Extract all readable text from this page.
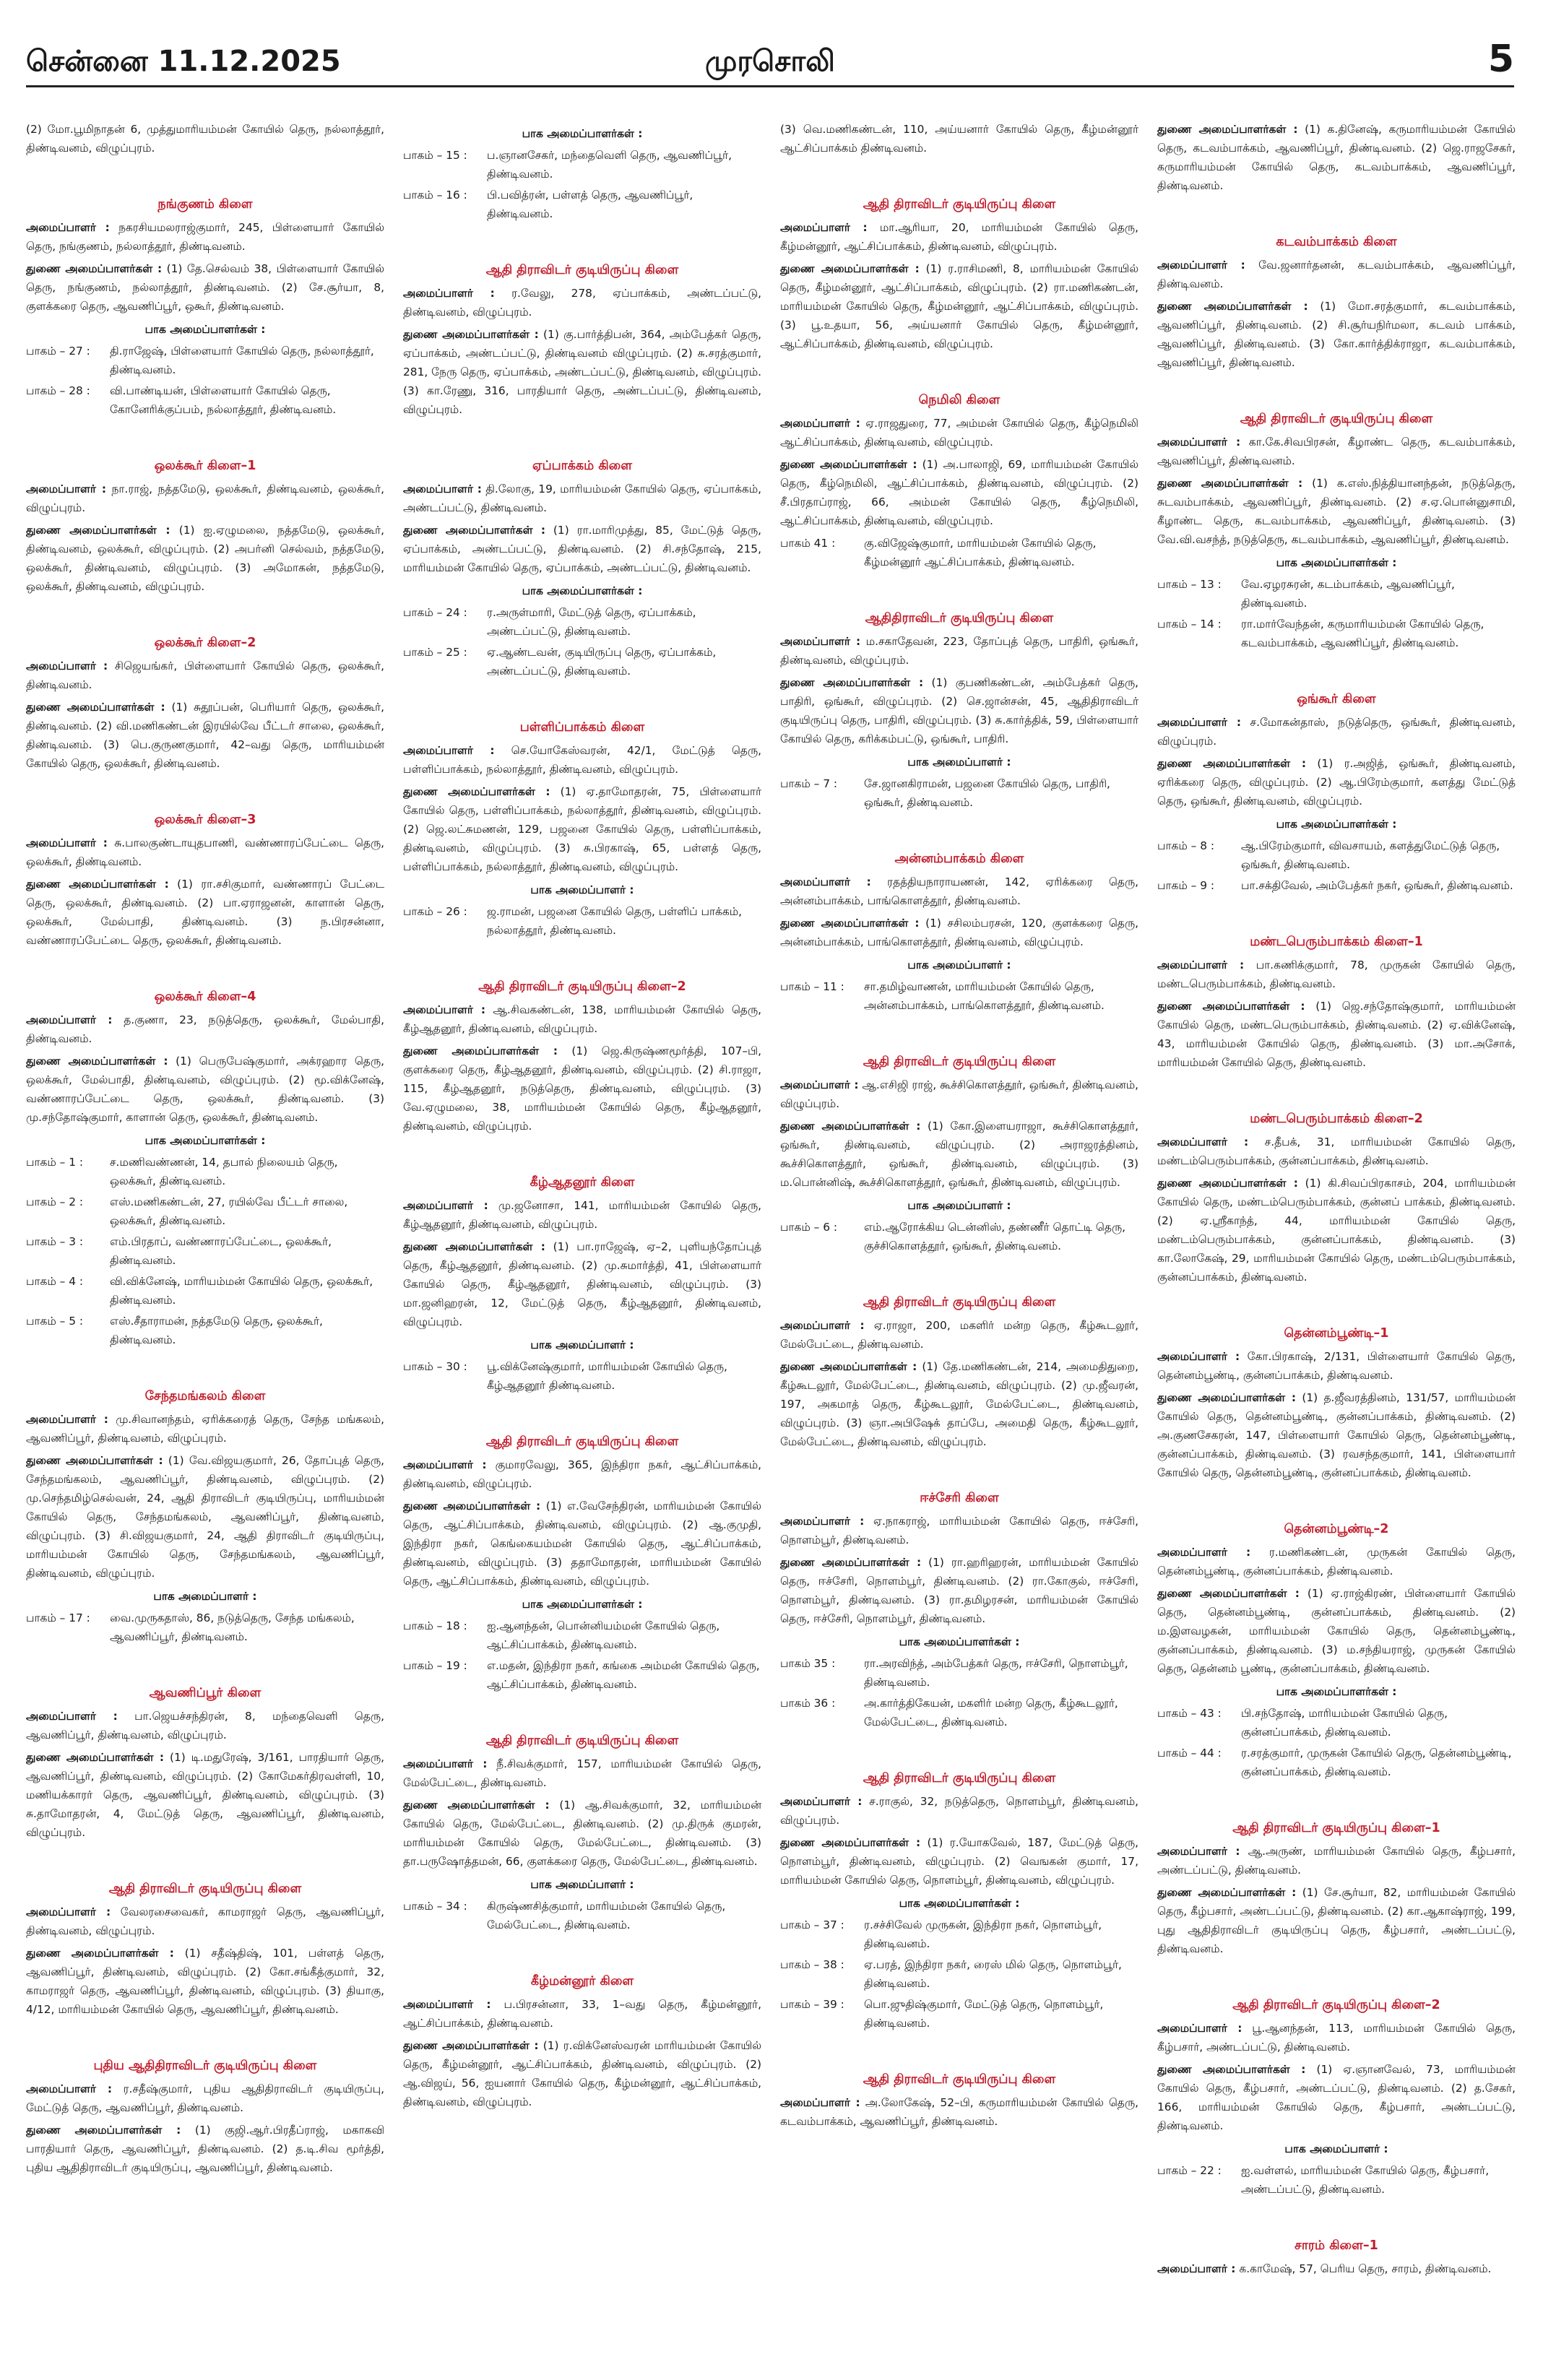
சென்னை 11.12.2025	முரசொலி	5
(2) மோ.பூமிநாதன் 6, முத்துமாரியம்மன் கோயில் தெரு, நல்லாத்தூர், திண்டிவனம், விழுப்புரம்.
நங்குணம் கிளை
அமைப்பாளர் : நகரசியமலராஜ்குமார், 245, பிள்ளையார் கோயில் தெரு, நங்குணம், நல்லாத்தூர், திண்டிவனம்.
துணை அமைப்பாளர்கள் : (1) தே.செல்வம் 38, பிள்ளையார் கோயில் தெரு, நங்குணம், நல்லாத்தூர், திண்டிவனம். (2) சே.சூர்யா, 8, குளக்கரை தெரு, ஆவணிப்பூர், ஒகூர், திண்டிவனம்.
பாக அமைப்பாளர்கள் :
பாகம் – 27 :	தி.ராஜேஷ், பிள்ளையார் கோயில் தெரு, நல்லாத்தூர், திண்டிவனம்.
பாகம் – 28 :	வி.பாண்டியன், பிள்ளையார் கோயில் தெரு, கோனேரிக்குப்பம், நல்லாத்தூர், திண்டிவனம்.
ஒலக்கூர் கிளை–1
அமைப்பாளர் : நா.ராஜ், நத்தமேடு, ஒலக்கூர், திண்டிவனம், ஒலக்கூர், விழுப்புரம்.
துணை அமைப்பாளர்கள் : (1) ஐ.ஏழுமலை, நத்தமேடு, ஒலக்கூர், திண்டிவனம், ஒலக்கூர், விழுப்புரம். (2) அபர்னி செல்வம், நத்தமேடு, ஒலக்கூர், திண்டிவனம், விழுப்புரம். (3) அமோகன், நத்தமேடு, ஒலக்கூர், திண்டிவனம், விழுப்புரம்.
ஒலக்கூர் கிளை–2
அமைப்பாளர் : சிஜெயங்கர், பிள்ளையார் கோயில் தெரு, ஒலக்கூர், திண்டிவனம்.
துணை அமைப்பாளர்கள் : (1) சுதூப்பன், பெரியார் தெரு, ஒலக்கூர், திண்டிவனம். (2) வி.மணிகண்டன் இரயில்வே பீட்டர் சாலை, ஒலக்கூர், திண்டிவனம். (3) பெ.குருணகுமார், 42–வது தெரு, மாரியம்மன் கோயில் தெரு, ஒலக்கூர், திண்டிவனம்.
ஒலக்கூர் கிளை–3
அமைப்பாளர் : சு.பாலகுண்டாயுதபாணி, வண்ணாரப்பேட்டை தெரு, ஒலக்கூர், திண்டிவனம்.
துணை அமைப்பாளர்கள் : (1) ரா.சசிகுமார், வண்ணாரப் பேட்டை தெரு, ஒலக்கூர், திண்டிவனம். (2) பா.ஏராஜனன், காளான் தெரு, ஒலக்கூர், மேல்பாதி, திண்டிவனம். (3) ந.பிரசன்னா, வண்ணாரப்பேட்டை தெரு, ஒலக்கூர், திண்டிவனம்.
ஒலக்கூர் கிளை–4
அமைப்பாளர் : த.குணா, 23, நடுத்தெரு, ஒலக்கூர், மேல்பாதி, திண்டிவனம்.
துணை அமைப்பாளர்கள் : (1) பெருபேஷ்குமார், அக்ரஹார தெரு, ஒலக்கூர், மேல்பாதி, திண்டிவனம், விழுப்புரம். (2) மூ.விக்னேஷ், வண்ணாரப்பேட்டை தெரு, ஒலக்கூர், திண்டிவனம். (3) மு.சந்தோஷ்குமார், காளான் தெரு, ஒலக்கூர், திண்டிவனம்.
பாக அமைப்பாளர்கள் :
பாகம் – 1 :	ச.மணிவண்ணன், 14, தபால் நிலையம் தெரு, ஒலக்கூர், திண்டிவனம்.
பாகம் – 2 :	எஸ்.மணிகண்டன், 27, ரயில்வே பீட்டர் சாலை, ஒலக்கூர், திண்டிவனம்.
பாகம் – 3 :	எம்.பிரதாப், வண்ணாரப்பேட்டை, ஒலக்கூர், திண்டிவனம்.
பாகம் – 4 :	வி.விக்னேஷ், மாரியம்மன் கோயில் தெரு, ஒலக்கூர், திண்டிவனம்.
பாகம் – 5 :	எஸ்.சீதாராமன், நத்தமேடு தெரு, ஒலக்கூர், திண்டிவனம்.
சேந்தமங்கலம் கிளை
அமைப்பாளர் : மு.சிவானந்தம், ஏரிக்கரைத் தெரு, சேந்த மங்கலம், ஆவணிப்பூர், திண்டிவனம், விழுப்புரம்.
துணை அமைப்பாளர்கள் : (1) வே.விஜயகுமார், 26, தோப்புத் தெரு, சேந்தமங்கலம், ஆவணிப்பூர், திண்டிவனம், விழுப்புரம். (2) மு.செந்தமிழ்செல்வன், 24, ஆதி திராவிடர் குடியிருப்பு, மாரியம்மன் கோயில் தெரு, சேந்தமங்கலம், ஆவணிப்பூர், திண்டிவனம், விழுப்புரம். (3) சி.விஜயகுமார், 24, ஆதி திராவிடர் குடியிருப்பு, மாரியம்மன் கோயில் தெரு, சேந்தமங்கலம், ஆவணிப்பூர், திண்டிவனம், விழுப்புரம்.
பாக அமைப்பாளர் :
பாகம் – 17 :	வை.முருகதாஸ், 86, நடுத்தெரு, சேந்த மங்கலம், ஆவணிப்பூர், திண்டிவனம்.
ஆவணிப்பூர் கிளை
அமைப்பாளர் : பா.ஜெயச்சந்திரன், 8, மந்தைவெளி தெரு, ஆவணிப்பூர், திண்டிவனம், விழுப்புரம்.
துணை அமைப்பாளர்கள் : (1) டி.மதுரேஷ், 3/161, பாரதியார் தெரு, ஆவணிப்பூர், திண்டிவனம், விழுப்புரம். (2) கோமேகர்திரவள்ளி, 10, மணியக்காரர் தெரு, ஆவணிப்பூர், திண்டிவனம், விழுப்புரம். (3) சு.தாமோதரன், 4, மேட்டுத் தெரு, ஆவணிப்பூர், திண்டிவனம், விழுப்புரம்.
ஆதி திராவிடர் குடியிருப்பு கிளை
அமைப்பாளர் : வேலரசைவைகர், காமராஜர் தெரு, ஆவணிப்பூர், திண்டிவனம், விழுப்புரம்.
துணை அமைப்பாளர்கள் : (1) சதீஷ்திஷ், 101, பள்ளத் தெரு, ஆவணிப்பூர், திண்டிவனம், விழுப்புரம். (2) கோ.சங்கீத்குமார், 32, காமராஜர் தெரு, ஆவணிப்பூர், திண்டிவனம், விழுப்புரம். (3) தியாகு, 4/12, மாரியம்மன் கோயில் தெரு, ஆவணிப்பூர், திண்டிவனம்.
புதிய ஆதிதிராவிடர் குடியிருப்பு கிளை
அமைப்பாளர் : ர.சதீஷ்குமார், புதிய ஆதிதிராவிடர் குடியிருப்பு, மேட்டுத் தெரு, ஆவணிப்பூர், திண்டிவனம்.
துணை அமைப்பாளர்கள் : (1) குஜி.ஆர்.பிரதீப்ராஜ், மகாகவி பாரதியார் தெரு, ஆவணிப்பூர், திண்டிவனம். (2) த.டி.சிவ மூர்த்தி, புதிய ஆதிதிராவிடர் குடியிருப்பு, ஆவணிப்பூர், திண்டிவனம்.
பாக அமைப்பாளர்கள் :
பாகம் – 15 :	ப.ஞானசேகர், மந்தைவெளி தெரு, ஆவணிப்பூர், திண்டிவனம்.
பாகம் – 16 :	பி.பவித்ரன், பள்ளத் தெரு, ஆவணிப்பூர், திண்டிவனம்.
ஆதி திராவிடர் குடியிருப்பு கிளை
அமைப்பாளர் : ர.வேலு, 278, ஏப்பாக்கம், அண்டப்பட்டு, திண்டிவனம், விழுப்புரம்.
துணை அமைப்பாளர்கள் : (1) கு.பார்த்திபன், 364, அம்பேத்கர் தெரு, ஏப்பாக்கம், அண்டப்பட்டு, திண்டிவனம் விழுப்புரம். (2) சு.சரத்குமார், 281, நேரு தெரு, ஏப்பாக்கம், அண்டப்பட்டு, திண்டிவனம், விழுப்புரம். (3) கா.ரேணு, 316, பாரதியார் தெரு, அண்டப்பட்டு, திண்டிவனம், விழுப்புரம்.
ஏப்பாக்கம் கிளை
அமைப்பாளர் : தி.லோகு, 19, மாரியம்மன் கோயில் தெரு, ஏப்பாக்கம், அண்டப்பட்டு, திண்டிவனம்.
துணை அமைப்பாளர்கள் : (1) ரா.மாரிமுத்து, 85, மேட்டுத் தெரு, ஏப்பாக்கம், அண்டப்பட்டு, திண்டிவனம். (2) சி.சந்தோஷ், 215, மாரியம்மன் கோயில் தெரு, ஏப்பாக்கம், அண்டப்பட்டு, திண்டிவனம்.
பாக அமைப்பாளர்கள் :
பாகம் – 24 :	ர.அருள்மாரி, மேட்டுத் தெரு, ஏப்பாக்கம், அண்டப்பட்டு, திண்டிவனம்.
பாகம் – 25 :	ஏ.ஆண்டவன், குடியிருப்பு தெரு, ஏப்பாக்கம், அண்டப்பட்டு, திண்டிவனம்.
பள்ளிப்பாக்கம் கிளை
அமைப்பாளர் : செ.யோகேஸ்வரன், 42/1, மேட்டுத் தெரு, பள்ளிப்பாக்கம், நல்லாத்தூர், திண்டிவனம், விழுப்புரம்.
துணை அமைப்பாளர்கள் : (1) ஏ.தாமோதரன், 75, பிள்ளையார் கோயில் தெரு, பள்ளிப்பாக்கம், நல்லாத்தூர், திண்டிவனம், விழுப்புரம். (2) ஜெ.லட்சுமணன், 129, பஜனை கோயில் தெரு, பள்ளிப்பாக்கம், திண்டிவனம், விழுப்புரம். (3) சு.பிரகாஷ், 65, பள்ளத் தெரு, பள்ளிப்பாக்கம், நல்லாத்தூர், திண்டிவனம், விழுப்புரம்.
பாக அமைப்பாளர் :
பாகம் – 26 :	ஜ.ராமன், பஜனை கோயில் தெரு, பள்ளிப் பாக்கம், நல்லாத்தூர், திண்டிவனம்.
ஆதி திராவிடர் குடியிருப்பு கிளை–2
அமைப்பாளர் : ஆ.சிவகண்டன், 138, மாரியம்மன் கோயில் தெரு, கீழ்ஆதனூர், திண்டிவனம், விழுப்புரம்.
துணை அமைப்பாளர்கள் : (1) ஜெ.கிருஷ்ணமூர்த்தி, 107–பி, குளக்கரை தெரு, கீழ்ஆதனூர், திண்டிவனம், விழுப்புரம். (2) சி.ராஜா, 115, கீழ்ஆதனூர், நடுத்தெரு, திண்டிவனம், விழுப்புரம். (3) வே.ஏழுமலை, 38, மாரியம்மன் கோயில் தெரு, கீழ்ஆதனூர், திண்டிவனம், விழுப்புரம்.
கீழ்ஆதனூர் கிளை
அமைப்பாளர் : மு.ஜனோசா, 141, மாரியம்மன் கோயில் தெரு, கீழ்ஆதனூர், திண்டிவனம், விழுப்புரம்.
துணை அமைப்பாளர்கள் : (1) பா.ராஜேஷ், ஏ–2, புளியந்தோப்புத் தெரு, கீழ்ஆதனூர், திண்டிவனம். (2) மு.சுமார்த்தி, 41, பிள்ளையார் கோயில் தெரு, கீழ்ஆதனூர், திண்டிவனம், விழுப்புரம். (3) மா.ஜனிஹரன், 12, மேட்டுத் தெரு, கீழ்ஆதனூர், திண்டிவனம், விழுப்புரம்.
பாக அமைப்பாளர் :
பாகம் – 30 :	பூ.விக்னேஷ்குமார், மாரியம்மன் கோயில் தெரு, கீழ்ஆதனூர் திண்டிவனம்.
ஆதி திராவிடர் குடியிருப்பு கிளை
அமைப்பாளர் : குமாரவேலு, 365, இந்திரா நகர், ஆட்சிப்பாக்கம், திண்டிவனம், விழுப்புரம்.
துணை அமைப்பாளர்கள் : (1) எ.வேசேந்திரன், மாரியம்மன் கோயில் தெரு, ஆட்சிப்பாக்கம், திண்டிவனம், விழுப்புரம். (2) ஆ.குமுதி, இந்திரா நகர், கெங்கையம்மன் கோயில் தெரு, ஆட்சிப்பாக்கம், திண்டிவனம், விழுப்புரம். (3) ததாமோதரன், மாரியம்மன் கோயில் தெரு, ஆட்சிப்பாக்கம், திண்டிவனம், விழுப்புரம்.
பாக அமைப்பாளர்கள் :
பாகம் – 18 :	ஐ.ஆனந்தன், பொன்னியம்மன் கோயில் தெரு, ஆட்சிப்பாக்கம், திண்டிவனம்.
பாகம் – 19 :	எ.மதன், இந்திரா நகர், கங்கை அம்மன் கோயில் தெரு, ஆட்சிப்பாக்கம், திண்டிவனம்.
ஆதி திராவிடர் குடியிருப்பு கிளை
அமைப்பாளர் : நீ.சிவக்குமார், 157, மாரியம்மன் கோயில் தெரு, மேல்பேட்டை, திண்டிவனம்.
துணை அமைப்பாளர்கள் : (1) ஆ.சிவக்குமார், 32, மாரியம்மன் கோயில் தெரு, மேல்பேட்டை, திண்டிவனம். (2) மு.திருக் குமரன், மாரியம்மன் கோயில் தெரு, மேல்பேட்டை, திண்டிவனம். (3) தா.பருஷோத்தமன், 66, குளக்கரை தெரு, மேல்பேட்டை, திண்டிவனம்.
பாக அமைப்பாளர் :
பாகம் – 34 :	கிருஷ்ணசித்குமார், மாரியம்மன் கோயில் தெரு, மேல்பேட்டை, திண்டிவனம்.
கீழ்மன்னூர் கிளை
அமைப்பாளர் : ப.பிரசன்னா, 33, 1–வது தெரு, கீழ்மன்னூர், ஆட்சிப்பாக்கம், திண்டிவனம்.
துணை அமைப்பாளர்கள் : (1) ர.விக்னேஸ்வரன் மாரியம்மன் கோயில் தெரு, கீழ்மன்னூர், ஆட்சிப்பாக்கம், திண்டிவனம், விழுப்புரம். (2) ஆ.விஜய், 56, ஐயனார் கோயில் தெரு, கீழ்மன்னூர், ஆட்சிப்பாக்கம், திண்டிவனம், விழுப்புரம்.
(3) வெ.மணிகண்டன், 110, அய்யனார் கோயில் தெரு, கீழ்மன்னூர் ஆட்சிப்பாக்கம் திண்டிவனம்.
ஆதி திராவிடர் குடியிருப்பு கிளை
அமைப்பாளர் : மா.ஆரியா, 20, மாரியம்மன் கோயில் தெரு, கீழ்மன்னூர், ஆட்சிப்பாக்கம், திண்டிவனம், விழுப்புரம்.
துணை அமைப்பாளர்கள் : (1) ர.ராசிமணி, 8, மாரியம்மன் கோயில் தெரு, கீழ்மன்னூர், ஆட்சிப்பாக்கம், விழுப்புரம். (2) ரா.மணிகண்டன், மாரியம்மன் கோயில் தெரு, கீழ்மன்னூர், ஆட்சிப்பாக்கம், விழுப்புரம். (3) பூ.உதயா, 56, அய்யனார் கோயில் தெரு, கீழ்மன்னூர், ஆட்சிப்பாக்கம், திண்டிவனம், விழுப்புரம்.
நெமிலி கிளை
அமைப்பாளர் : ஏ.ராஜதுரை, 77, அம்மன் கோயில் தெரு, கீழ்நெமிலி ஆட்சிப்பாக்கம், திண்டிவனம், விழுப்புரம்.
துணை அமைப்பாளர்கள் : (1) அ.பாலாஜி, 69, மாரியம்மன் கோயில் தெரு, கீழ்நெமிலி, ஆட்சிப்பாக்கம், திண்டிவனம், விழுப்புரம். (2) சீ.பிரதாப்ராஜ், 66, அம்மன் கோயில் தெரு, கீழ்நெமிலி, ஆட்சிப்பாக்கம், திண்டிவனம், விழுப்புரம்.
பாகம் 41 :	கு.விஜேஷ்குமார், மாரியம்மன் கோயில் தெரு, கீழ்மன்னூர் ஆட்சிப்பாக்கம், திண்டிவனம்.
ஆதிதிராவிடர் குடியிருப்பு கிளை
அமைப்பாளர் : ம.சகாதேவன், 223, தோப்புத் தெரு, பாதிரி, ஒங்கூர், திண்டிவனம், விழுப்புரம்.
துணை அமைப்பாளர்கள் : (1) குபணிகண்டன், அம்பேத்கர் தெரு, பாதிரி, ஒங்கூர், விழுப்புரம். (2) செ.ஜான்சன், 45, ஆதிதிராவிடர் குடியிருப்பு தெரு, பாதிரி, விழுப்புரம். (3) சு.கார்த்திக், 59, பிள்ளையார் கோயில் தெரு, கரிக்கம்பட்டு, ஒங்கூர், பாதிரி.
பாக அமைப்பாளர் :
பாகம் – 7 :	சே.ஜானகிராமன், பஜனை கோயில் தெரு, பாதிரி, ஒங்கூர், திண்டிவனம்.
அன்னம்பாக்கம் கிளை
அமைப்பாளர் : ரதத்தியநாராயணன், 142, ஏரிக்கரை தெரு, அன்னம்பாக்கம், பாங்கொளத்தூர், திண்டிவனம்.
துணை அமைப்பாளர்கள் : (1) சசிலம்பரசன், 120, குளக்கரை தெரு, அன்னம்பாக்கம், பாங்கொளத்தூர், திண்டிவனம், விழுப்புரம்.
பாக அமைப்பாளர் :
பாகம் – 11 :	சா.தமிழ்வாணன், மாரியம்மன் கோயில் தெரு, அன்னம்பாக்கம், பாங்கொளத்தூர், திண்டிவனம்.
ஆதி திராவிடர் குடியிருப்பு கிளை
அமைப்பாளர் : ஆ.எசிஜி ராஜ், கூச்சிகொளத்தூர், ஒங்கூர், திண்டிவனம், விழுப்புரம்.
துணை அமைப்பாளர்கள் : (1) கோ.இளையராஜா, கூச்சிகொளத்தூர், ஒங்கூர், திண்டிவனம், விழுப்புரம். (2) அராஜரத்தினம், கூச்சிகொளத்தூர், ஒங்கூர், திண்டிவனம், விழுப்புரம். (3) ம.பொன்னிஷ், கூச்சிகொளத்தூர், ஒங்கூர், திண்டிவனம், விழுப்புரம்.
பாக அமைப்பாளர் :
பாகம் – 6 :	எம்.ஆரோக்கிய டென்னிஸ், தண்ணீர் தொட்டி தெரு, குச்சிகொளத்தூர், ஒங்கூர், திண்டிவனம்.
ஆதி திராவிடர் குடியிருப்பு கிளை
அமைப்பாளர் : ஏ.ராஜா, 200, மகளிர் மன்ற தெரு, கீழ்கூடலூர், மேல்பேட்டை, திண்டிவனம்.
துணை அமைப்பாளர்கள் : (1) தே.மணிகண்டன், 214, அமைதிதுறை, கீழ்கூடலூர், மேல்பேட்டை, திண்டிவனம், விழுப்புரம். (2) மு.ஜீவரன், 197, அகமாத் தெரு, கீழ்கூடலூர், மேல்பேட்டை, திண்டிவனம், விழுப்புரம். (3) ஞா.அபிஷேக் தாப்பே, அமைதி தெரு, கீழ்கூடலூர், மேல்பேட்டை, திண்டிவனம், விழுப்புரம்.
ஈச்சேரி கிளை
அமைப்பாளர் : ஏ.நாகராஜ், மாரியம்மன் கோயில் தெரு, ஈச்சேரி, நொளம்பூர், திண்டிவனம்.
துணை அமைப்பாளர்கள் : (1) ரா.ஹரிஹரன், மாரியம்மன் கோயில் தெரு, ஈச்சேரி, நொளம்பூர், திண்டிவனம். (2) ரா.கோகுல், ஈச்சேரி, நொளம்பூர், திண்டிவனம். (3) ரா.தமிழரசன், மாரியம்மன் கோயில் தெரு, ஈச்சேரி, நொளம்பூர், திண்டிவனம்.
பாக அமைப்பாளர்கள் :
பாகம் 35 :	ரா.அரவிந்த், அம்பேத்கர் தெரு, ஈச்சேரி, நொளம்பூர், திண்டிவனம்.
பாகம் 36 :	அ.கார்த்திகேயன், மகளிர் மன்ற தெரு, கீழ்கூடலூர், மேல்பேட்டை, திண்டிவனம்.
ஆதி திராவிடர் குடியிருப்பு கிளை
அமைப்பாளர் : ச.ராகுல், 32, நடுத்தெரு, நொளம்பூர், திண்டிவனம், விழுப்புரம்.
துணை அமைப்பாளர்கள் : (1) ர.யோகவேல், 187, மேட்டுத் தெரு, நொளம்பூர், திண்டிவனம், விழுப்புரம். (2) வெஙகன் குமார், 17, மாரியம்மன் கோயில் தெரு, நொளம்பூர், திண்டிவனம், விழுப்புரம்.
பாக அமைப்பாளர்கள் :
பாகம் – 37 :	ர.சச்சிவேல் முருகன், இந்திரா நகர், நொளம்பூர், திண்டிவனம்.
பாகம் – 38 :	ஏ.பரத், இந்திரா நகர், ரைஸ் மில் தெரு, நொளம்பூர், திண்டிவனம்.
பாகம் – 39 :	பொ.ஜுதிஷ்குமார், மேட்டுத் தெரு, நொளம்பூர், திண்டிவனம்.
ஆதி திராவிடர் குடியிருப்பு கிளை
அமைப்பாளர் : அ.லோகேஷ், 52–பி, கருமாரியம்மன் கோயில் தெரு, கடவம்பாக்கம், ஆவணிப்பூர், திண்டிவனம்.
துணை அமைப்பாளர்கள் : (1) க.தினேஷ், கருமாரியம்மன் கோயில் தெரு, கடவம்பாக்கம், ஆவணிப்பூர், திண்டிவனம். (2) ஜெ.ராஜசேகர், கருமாரியம்மன் கோயில் தெரு, கடவம்பாக்கம், ஆவணிப்பூர், திண்டிவனம்.
கடவம்பாக்கம் கிளை
அமைப்பாளர் : வே.ஜனார்தனன், கடவம்பாக்கம், ஆவணிப்பூர், திண்டிவனம்.
துணை அமைப்பாளர்கள் : (1) மோ.சரத்குமார், கடவம்பாக்கம், ஆவணிப்பூர், திண்டிவனம். (2) சி.சூர்யநிர்மலா, கடவம் பாக்கம், ஆவணிப்பூர், திண்டிவனம். (3) கோ.கார்த்திக்ராஜா, கடவம்பாக்கம், ஆவணிப்பூர், திண்டிவனம்.
ஆதி திராவிடர் குடியிருப்பு கிளை
அமைப்பாளர் : கா.கே.சிவபிரசன், கீழாண்ட தெரு, கடவம்பாக்கம், ஆவணிப்பூர், திண்டிவனம்.
துணை அமைப்பாளர்கள் : (1) க.எஸ்.நித்தியானந்தன், நடுத்தெரு, சுடவம்பாக்கம், ஆவணிப்பூர், திண்டிவனம். (2) ச.ஏ.பொன்னுசாமி, கீழாண்ட தெரு, கடவம்பாக்கம், ஆவணிப்பூர், திண்டிவனம். (3) வே.வி.வசந்த், நடுத்தெரு, கடவம்பாக்கம், ஆவணிப்பூர், திண்டிவனம்.
பாக அமைப்பாளர்கள் :
பாகம் – 13 :	வே.ஏழரசுரன், கடம்பாக்கம், ஆவணிப்பூர், திண்டிவனம்.
பாகம் – 14 :	ரா.மார்வேந்தன், கருமாரியம்மன் கோயில் தெரு, கடவம்பாக்கம், ஆவணிப்பூர், திண்டிவனம்.
ஒங்கூர் கிளை
அமைப்பாளர் : ச.மோகன்தாஸ், நடுத்தெரு, ஒங்கூர், திண்டிவனம், விழுப்புரம்.
துணை அமைப்பாளர்கள் : (1) ர.அஜித், ஒங்கூர், திண்டிவனம், ஏரிக்கரை தெரு, விழுப்புரம். (2) ஆ.பிரேம்குமார், களத்து மேட்டுத் தெரு, ஒங்கூர், திண்டிவனம், விழுப்புரம்.
பாக அமைப்பாளர்கள் :
பாகம் – 8 :	ஆ.பிரேம்குமார், விவசாயம், களத்துமேட்டுத் தெரு, ஒங்கூர், திண்டிவனம்.
பாகம் – 9 :	பா.சக்திவேல், அம்பேத்கர் நகர், ஒங்கூர், திண்டிவனம்.
மண்டபெரும்பாக்கம் கிளை–1
அமைப்பாளர் : பா.கணிக்குமார், 78, முருகன் கோயில் தெரு, மண்டபெரும்பாக்கம், திண்டிவனம்.
துணை அமைப்பாளர்கள் : (1) ஜெ.சந்தோஷ்குமார், மாரியம்மன் கோயில் தெரு, மண்டபெரும்பாக்கம், திண்டிவனம். (2) ஏ.விக்னேஷ், 43, மாரியம்மன் கோயில் தெரு, திண்டிவனம். (3) மா.அசோக், மாரியம்மன் கோயில் தெரு, திண்டிவனம்.
மண்டபெரும்பாக்கம் கிளை–2
அமைப்பாளர் : ச.தீபக், 31, மாரியம்மன் கோயில் தெரு, மண்டம்பெரும்பாக்கம், குன்னப்பாக்கம், திண்டிவனம்.
துணை அமைப்பாளர்கள் : (1) கி.சிவப்பிரகாசம், 204, மாரியம்மன் கோயில் தெரு, மண்டம்பெரும்பாக்கம், குன்னப் பாக்கம், திண்டிவனம். (2) ஏ.ஸ்ரீகாந்த், 44, மாரியம்மன் கோயில் தெரு, மண்டம்பெரும்பாக்கம், குன்னப்பாக்கம், திண்டிவனம். (3) கா.லோகேஷ், 29, மாரியம்மன் கோயில் தெரு, மண்டம்பெரும்பாக்கம், குன்னப்பாக்கம், திண்டிவனம்.
தென்னம்பூண்டி–1
அமைப்பாளர் : கோ.பிரகாஷ், 2/131, பிள்ளையார் கோயில் தெரு, தென்னம்பூண்டி, குன்னப்பாக்கம், திண்டிவனம்.
துணை அமைப்பாளர்கள் : (1) த.ஜீவரத்தினம், 131/57, மாரியம்மன் கோயில் தெரு, தென்னம்பூண்டி, குன்னப்பாக்கம், திண்டிவனம். (2) அ.குணசேகரன், 147, பிள்ளையார் கோயில் தெரு, தென்னம்பூண்டி, குன்னப்பாக்கம், திண்டிவனம். (3) ரவசந்தகுமார், 141, பிள்ளையார் கோயில் தெரு, தென்னம்பூண்டி, குன்னப்பாக்கம், திண்டிவனம்.
தென்னம்பூண்டி–2
அமைப்பாளர் : ர.மணிகண்டன், முருகன் கோயில் தெரு, தென்னம்பூண்டி, குன்னப்பாக்கம், திண்டிவனம்.
துணை அமைப்பாளர்கள் : (1) ஏ.ராஜ்கிரண், பிள்ளையார் கோயில் தெரு, தென்னம்பூண்டி, குன்னப்பாக்கம், திண்டிவனம். (2) ம.இளவழகன், மாரியம்மன் கோயில் தெரு, தென்னம்பூண்டி, குன்னப்பாக்கம், திண்டிவனம். (3) ம.சந்தியராஜ், முருகன் கோயில் தெரு, தென்னம் பூண்டி, குன்னப்பாக்கம், திண்டிவனம்.
பாக அமைப்பாளர்கள் :
பாகம் – 43 :	பி.சந்தோஷ், மாரியம்மன் கோயில் தெரு, குன்னப்பாக்கம், திண்டிவனம்.
பாகம் – 44 :	ர.சரத்குமார், முருகன் கோயில் தெரு, தென்னம்பூண்டி, குன்னப்பாக்கம், திண்டிவனம்.
ஆதி திராவிடர் குடியிருப்பு கிளை–1
அமைப்பாளர் : ஆ.அருண், மாரியம்மன் கோயில் தெரு, கீழ்பசார், அண்டப்பட்டு, திண்டிவனம்.
துணை அமைப்பாளர்கள் : (1) சே.சூர்யா, 82, மாரியம்மன் கோயில் தெரு, கீழ்பசார், அண்டப்பட்டு, திண்டிவனம். (2) கா.ஆகாஷ்ராஜ், 199, புது ஆதிதிராவிடர் குடியிருப்பு தெரு, கீழ்பசார், அண்டப்பட்டு, திண்டிவனம்.
ஆதி திராவிடர் குடியிருப்பு கிளை–2
அமைப்பாளர் : பூ.ஆனந்தன், 113, மாரியம்மன் கோயில் தெரு, கீழ்பசார், அண்டப்பட்டு, திண்டிவனம்.
துணை அமைப்பாளர்கள் : (1) ஏ.ஞானவேல், 73, மாரியம்மன் கோயில் தெரு, கீழ்பசார், அண்டப்பட்டு, திண்டிவனம். (2) த.சேகர், 166, மாரியம்மன் கோயில் தெரு, கீழ்பசார், அண்டப்பட்டு, திண்டிவனம்.
பாக அமைப்பாளர் :
பாகம் – 22 :	ஐ.வள்ளல், மாரியம்மன் கோயில் தெரு, கீழ்பசார், அண்டப்பட்டு, திண்டிவனம்.
சாரம் கிளை–1
அமைப்பாளர் : க.காமேஷ், 57, பெரிய தெரு, சாரம், திண்டிவனம்.
